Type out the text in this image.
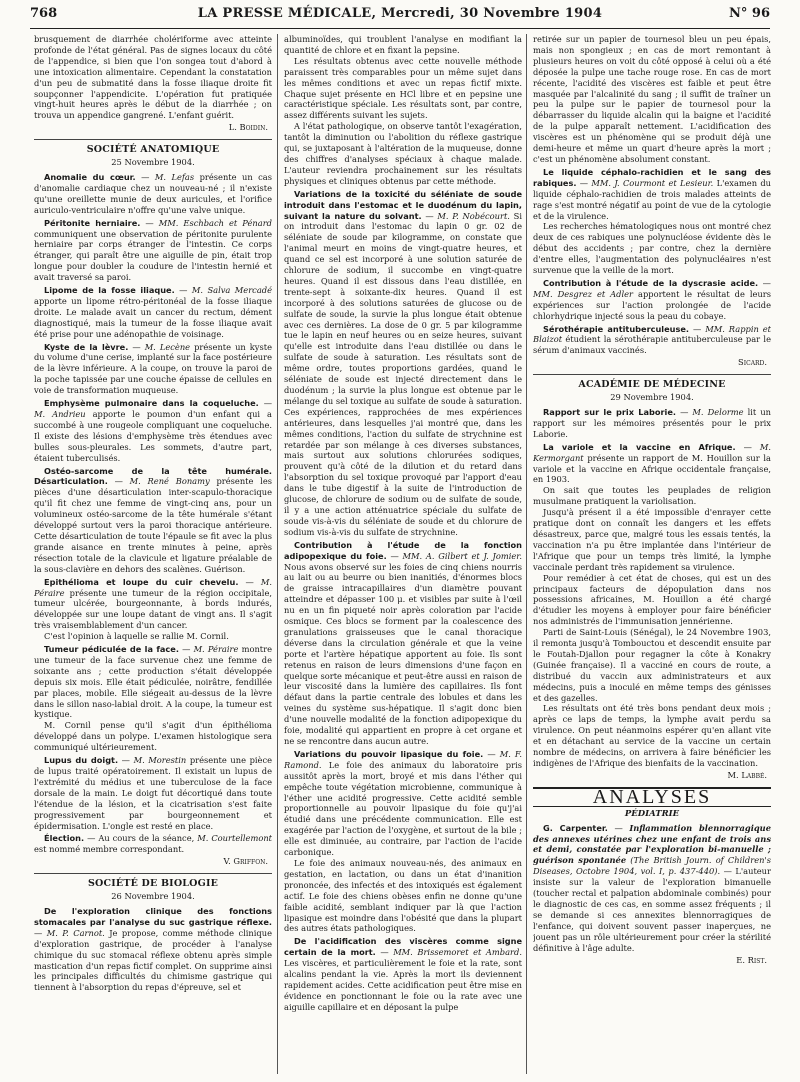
768	LA PRESSE MÉDICALE, Mercredi, 30 Novembre 1904	N° 96

brusquement de diarrhée cholériforme avec atteinte profonde de l'état général. Pas de signes locaux du côté de l'appendice, si bien que l'on songea tout d'abord à une intoxication alimentaire. Cependant la constatation d'un peu de submatité dans la fosse iliaque droite fit soupçonner l'appendicite. L'opération fut pratiquée vingt-huit heures après le début de la diarrhée ; on trouva un appendice gangrené. L'enfant guérit.

L. Boidin.
SOCIÉTÉ ANATOMIQUE
25 Novembre 1904.

Anomalie du cœur. — M. Lefas présente un cas d'anomalie cardiaque chez un nouveau-né ; il n'existe qu'une oreillette munie de deux auricules, et l'orifice auriculo-ventriculaire n'offre qu'une valve unique.

Péritonite herniaire. — MM. Eschbach et Pénard communiquent une observation de péritonite purulente herniaire par corps étranger de l'intestin. Ce corps étranger, qui paraît être une aiguille de pin, était trop longue pour doubler la coudure de l'intestin hernié et avait traversé sa paroi.

Lipome de la fosse iliaque. — M. Salva Mercadé apporte un lipome rétro-péritonéal de la fosse iliaque droite. Le malade avait un cancer du rectum, dément diagnostiqué, mais la tumeur de la fosse iliaque avait été prise pour une adénopathie de voisinage.

Kyste de la lèvre. — M. Lecène présente un kyste du volume d'une cerise, implanté sur la face postérieure de la lèvre inférieure. A la coupe, on trouve la paroi de la poche tapissée par une couche épaisse de cellules en voie de transformation muqueuse.

Emphysème pulmonaire dans la coqueluche. — M. Andrieu apporte le poumon d'un enfant qui a succombé à une rougeole compliquant une coqueluche. Il existe des lésions d'emphysème très étendues avec bulles sous-pleurales. Les sommets, d'autre part, étaient tuberculisés.

Ostéo-sarcome de la tête humérale. Désarticulation. — M. René Bonamy présente les pièces d'une désarticulation inter-scapulo-thoracique qu'il fit chez une femme de vingt-cinq ans, pour un volumineux ostéo-sarcome de la tête humérale s'étant développé surtout vers la paroi thoracique antérieure. Cette désarticulation de toute l'épaule se fit avec la plus grande aisance en trente minutes à peine, après résection totale de la clavicule et ligature préalable de la sous-clavière en dehors des scalènes. Guérison.

Epithélioma et loupe du cuir chevelu. — M. Péraire présente une tumeur de la région occipitale, tumeur ulcérée, bourgeonnante, à bords indurés, développée sur une loupe datant de vingt ans. Il s'agit très vraisemblablement d'un cancer.

C'est l'opinion à laquelle se rallie M. Cornil.

Tumeur pédiculée de la face. — M. Péraire montre une tumeur de la face survenue chez une femme de soixante ans ; cette production s'était développée depuis six mois. Elle était pédiculée, noirâtre, fendillée par places, mobile. Elle siégeait au-dessus de la lèvre dans le sillon naso-labial droit. A la coupe, la tumeur est kystique.

M. Cornil pense qu'il s'agit d'un épithélioma développé dans un polype. L'examen histologique sera communiqué ultérieurement.

Lupus du doigt. — M. Morestin présente une pièce de lupus traité opératoirement. Il existait un lupus de l'extrémité du médius et une tuberculose de la face dorsale de la main. Le doigt fut décortiqué dans toute l'étendue de la lésion, et la cicatrisation s'est faite progressivement par bourgeonnement et épidermisation. L'ongle est resté en place.

Élection. — Au cours de la séance, M. Courtellemont est nommé membre correspondant.

V. Griffon.
SOCIÉTÉ DE BIOLOGIE
26 Novembre 1904.

De l'exploration clinique des fonctions stomacales par l'analyse du suc gastrique réflexe. — M. P. Carnot. Je propose, comme méthode clinique d'exploration gastrique, de procéder à l'analyse chimique du suc stomacal réflexe obtenu après simple mastication d'un repas fictif complet. On supprime ainsi les principales difficultés du chimisme gastrique qui tiennent à l'absorption du repas d'épreuve, sel et

albuminoïdes, qui troublent l'analyse en modifiant la quantité de chlore et en fixant la pepsine.

Les résultats obtenus avec cette nouvelle méthode paraissent très comparables pour un même sujet dans les mêmes conditions et avec un repas fictif mixte. Chaque sujet présente en HCl libre et en pepsine une caractéristique spéciale. Les résultats sont, par contre, assez différents suivant les sujets.

A l'état pathologique, on observe tantôt l'exagération, tantôt la diminution ou l'abolition du réflexe gastrique qui, se juxtaposant à l'altération de la muqueuse, donne des chiffres d'analyses spéciaux à chaque malade. L'auteur reviendra prochainement sur les résultats physiques et cliniques obtenus par cette méthode.

Variations de la toxicité du séléniate de soude introduit dans l'estomac et le duodénum du lapin, suivant la nature du solvant. — M. P. Nobécourt. Si on introduit dans l'estomac du lapin 0 gr. 02 de séléniate de soude par kilogramme, on constate que l'animal meurt en moins de vingt-quatre heures, et quand ce sel est incorporé à une solution saturée de chlorure de sodium, il succombe en vingt-quatre heures. Quand il est dissous dans l'eau distillée, en trente-sept à soixante-dix heures. Quand il est incorporé à des solutions saturées de glucose ou de sulfate de soude, la survie la plus longue était obtenue avec ces dernières. La dose de 0 gr. 5 par kilogramme tue le lapin en neuf heures ou en seize heures, suivant qu'elle est introduite dans l'eau distillée ou dans le sulfate de soude à saturation. Les résultats sont de même ordre, toutes proportions gardées, quand le séléniate de soude est injecté directement dans le duodénum ; la survie la plus longue est obtenue par le mélange du sel toxique au sulfate de soude à saturation. Ces expériences, rapprochées de mes expériences antérieures, dans lesquelles j'ai montré que, dans les mêmes conditions, l'action du sulfate de strychnine est retardée par son mélange à ces diverses substances, mais surtout aux solutions chlorurées sodiques, prouvent qu'à côté de la dilution et du retard dans l'absorption du sel toxique provoqué par l'apport d'eau dans le tube digestif à la suite de l'introduction de glucose, de chlorure de sodium ou de sulfate de soude, il y a une action atténuatrice spéciale du sulfate de soude vis-à-vis du séléniate de soude et du chlorure de sodium vis-à-vis du sulfate de strychnine.

Contribution à l'étude de la fonction adipopexique du foie. — MM. A. Gilbert et J. Jomier. Nous avons observé sur les foies de cinq chiens nourris au lait ou au beurre ou bien inanitiés, d'énormes blocs de graisse intracapillaires d'un diamètre pouvant atteindre et dépasser 100 μ. et visibles par suite à l'œil nu en un fin piqueté noir après coloration par l'acide osmique. Ces blocs se forment par la coalescence des granulations graisseuses que le canal thoracique déverse dans la circulation générale et que la veine porte et l'artère hépatique apportent au foie. Ils sont retenus en raison de leurs dimensions d'une façon en quelque sorte mécanique et peut-être aussi en raison de leur viscosité dans la lumière des capillaires. Ils font défaut dans la partie centrale des lobules et dans les veines du système sus-hépatique. Il s'agit donc bien d'une nouvelle modalité de la fonction adipopexique du foie, modalité qui appartient en propre à cet organe et ne se rencontre dans aucun autre.

Variations du pouvoir lipasique du foie. — M. F. Ramond. Le foie des animaux du laboratoire pris aussitôt après la mort, broyé et mis dans l'éther qui empêche toute végétation microbienne, communique à l'éther une acidité progressive. Cette acidité semble proportionnelle au pouvoir lipasique du foie qu'j'ai étudié dans une précédente communication. Elle est exagérée par l'action de l'oxygène, et surtout de la bile ; elle est diminuée, au contraire, par l'action de l'acide carbonique.

Le foie des animaux nouveau-nés, des animaux en gestation, en lactation, ou dans un état d'inanition prononcée, des infectés et des intoxiqués est également actif. Le foie des chiens obèses enfin ne donne qu'une faible acidité, semblant indiquer par là que l'action lipasique est moindre dans l'obésité que dans la plupart des autres états pathologiques.

De l'acidification des viscères comme signe certain de la mort. — MM. Brissemoret et Ambard. Les viscères, et particulièrement le foie et la rate, sont alcalins pendant la vie. Après la mort ils deviennent rapidement acides. Cette acidification peut être mise en évidence en ponctionnant le foie ou la rate avec une aiguille capillaire et en déposant la pulpe

retirée sur un papier de tournesol bleu un peu épais, mais non spongieux ; en cas de mort remontant à plusieurs heures on voit du côté opposé à celui où a été déposée la pulpe une tache rouge rose. En cas de mort récente, l'acidité des viscères est faible et peut être masquée par l'alcalinité du sang ; il suffit de traîner un peu la pulpe sur le papier de tournesol pour la débarrasser du liquide alcalin qui la baigne et l'acidité de la pulpe apparaît nettement. L'acidification des viscères est un phénomène qui se produit déjà une demi-heure et même un quart d'heure après la mort ; c'est un phénomène absolument constant.

Le liquide céphalo-rachidien et le sang des rabiques. — MM. J. Courmont et Lesieur. L'examen du liquide céphalo-rachidien de trois malades atteints de rage s'est montré négatif au point de vue de la cytologie et de la virulence.

Les recherches hématologiques nous ont montré chez deux de ces rabiques une polynucléose évidente dès le début des accidents ; par contre, chez la dernière d'entre elles, l'augmentation des polynucléaires n'est survenue que la veille de la mort.

Contribution à l'étude de la dyscrasie acide. — MM. Desgrez et Adler apportent le résultat de leurs expériences sur l'action prolongée de l'acide chlorhydrique injecté sous la peau du cobaye.

Sérothérapie antituberculeuse. — MM. Rappin et Blaizot étudient la sérothérapie antituberculeuse par le sérum d'animaux vaccinés.

Sicard.
ACADÉMIE DE MÉDECINE
29 Novembre 1904.

Rapport sur le prix Laborie. — M. Delorme lit un rapport sur les mémoires présentés pour le prix Laborie.

La variole et la vaccine en Afrique. — M. Kermorgant présente un rapport de M. Houillon sur la variole et la vaccine en Afrique occidentale française, en 1903.

On sait que toutes les peuplades de religion musulmane pratiquent la variolisation.

Jusqu'à présent il a été impossible d'enrayer cette pratique dont on connaît les dangers et les effets désastreux, parce que, malgré tous les essais tentés, la vaccination n'a pu être implantée dans l'intérieur de l'Afrique que pour un temps très limité, la lymphe vaccinale perdant très rapidement sa virulence.

Pour remédier à cet état de choses, qui est un des principaux facteurs de dépopulation dans nos possessions africaines, M. Houillon a été chargé d'étudier les moyens à employer pour faire bénéficier nos administrés de l'immunisation jennérienne.

Parti de Saint-Louis (Sénégal), le 24 Novembre 1903, il remonta jusqu'à Tombouctou et descendit ensuite par le Foutah-Djallon pour regagner la côte à Konakry (Guinée française). Il a vacciné en cours de route, a distribué du vaccin aux administrateurs et aux médecins, puis a inoculé en même temps des génisses et des gazelles.

Les résultats ont été très bons pendant deux mois ; après ce laps de temps, la lymphe avait perdu sa virulence. On peut néanmoins espérer qu'en allant vite et en détachant au service de la vaccine un certain nombre de médecins, on arrivera à faire bénéficier les indigènes de l'Afrique des bienfaits de la vaccination.

M. Labbé.
ANALYSES
PÉDIATRIE

G. Carpenter. — Inflammation blennorragique des annexes utérines chez une enfant de trois ans et demi, constatée par l'exploration bi-manuelle ; guérison spontanée (The British Journ. of Children's Diseases, Octobre 1904, vol. I, p. 437-440). — L'auteur insiste sur la valeur de l'exploration bimanuelle (toucher rectal et palpation abdominale combinés) pour le diagnostic de ces cas, en somme assez fréquents ; il se demande si ces annexites blennorragiques de l'enfance, qui doivent souvent passer inaperçues, ne jouent pas un rôle ultérieurement pour créer la stérilité définitive à l'âge adulte.

E. Rist.
